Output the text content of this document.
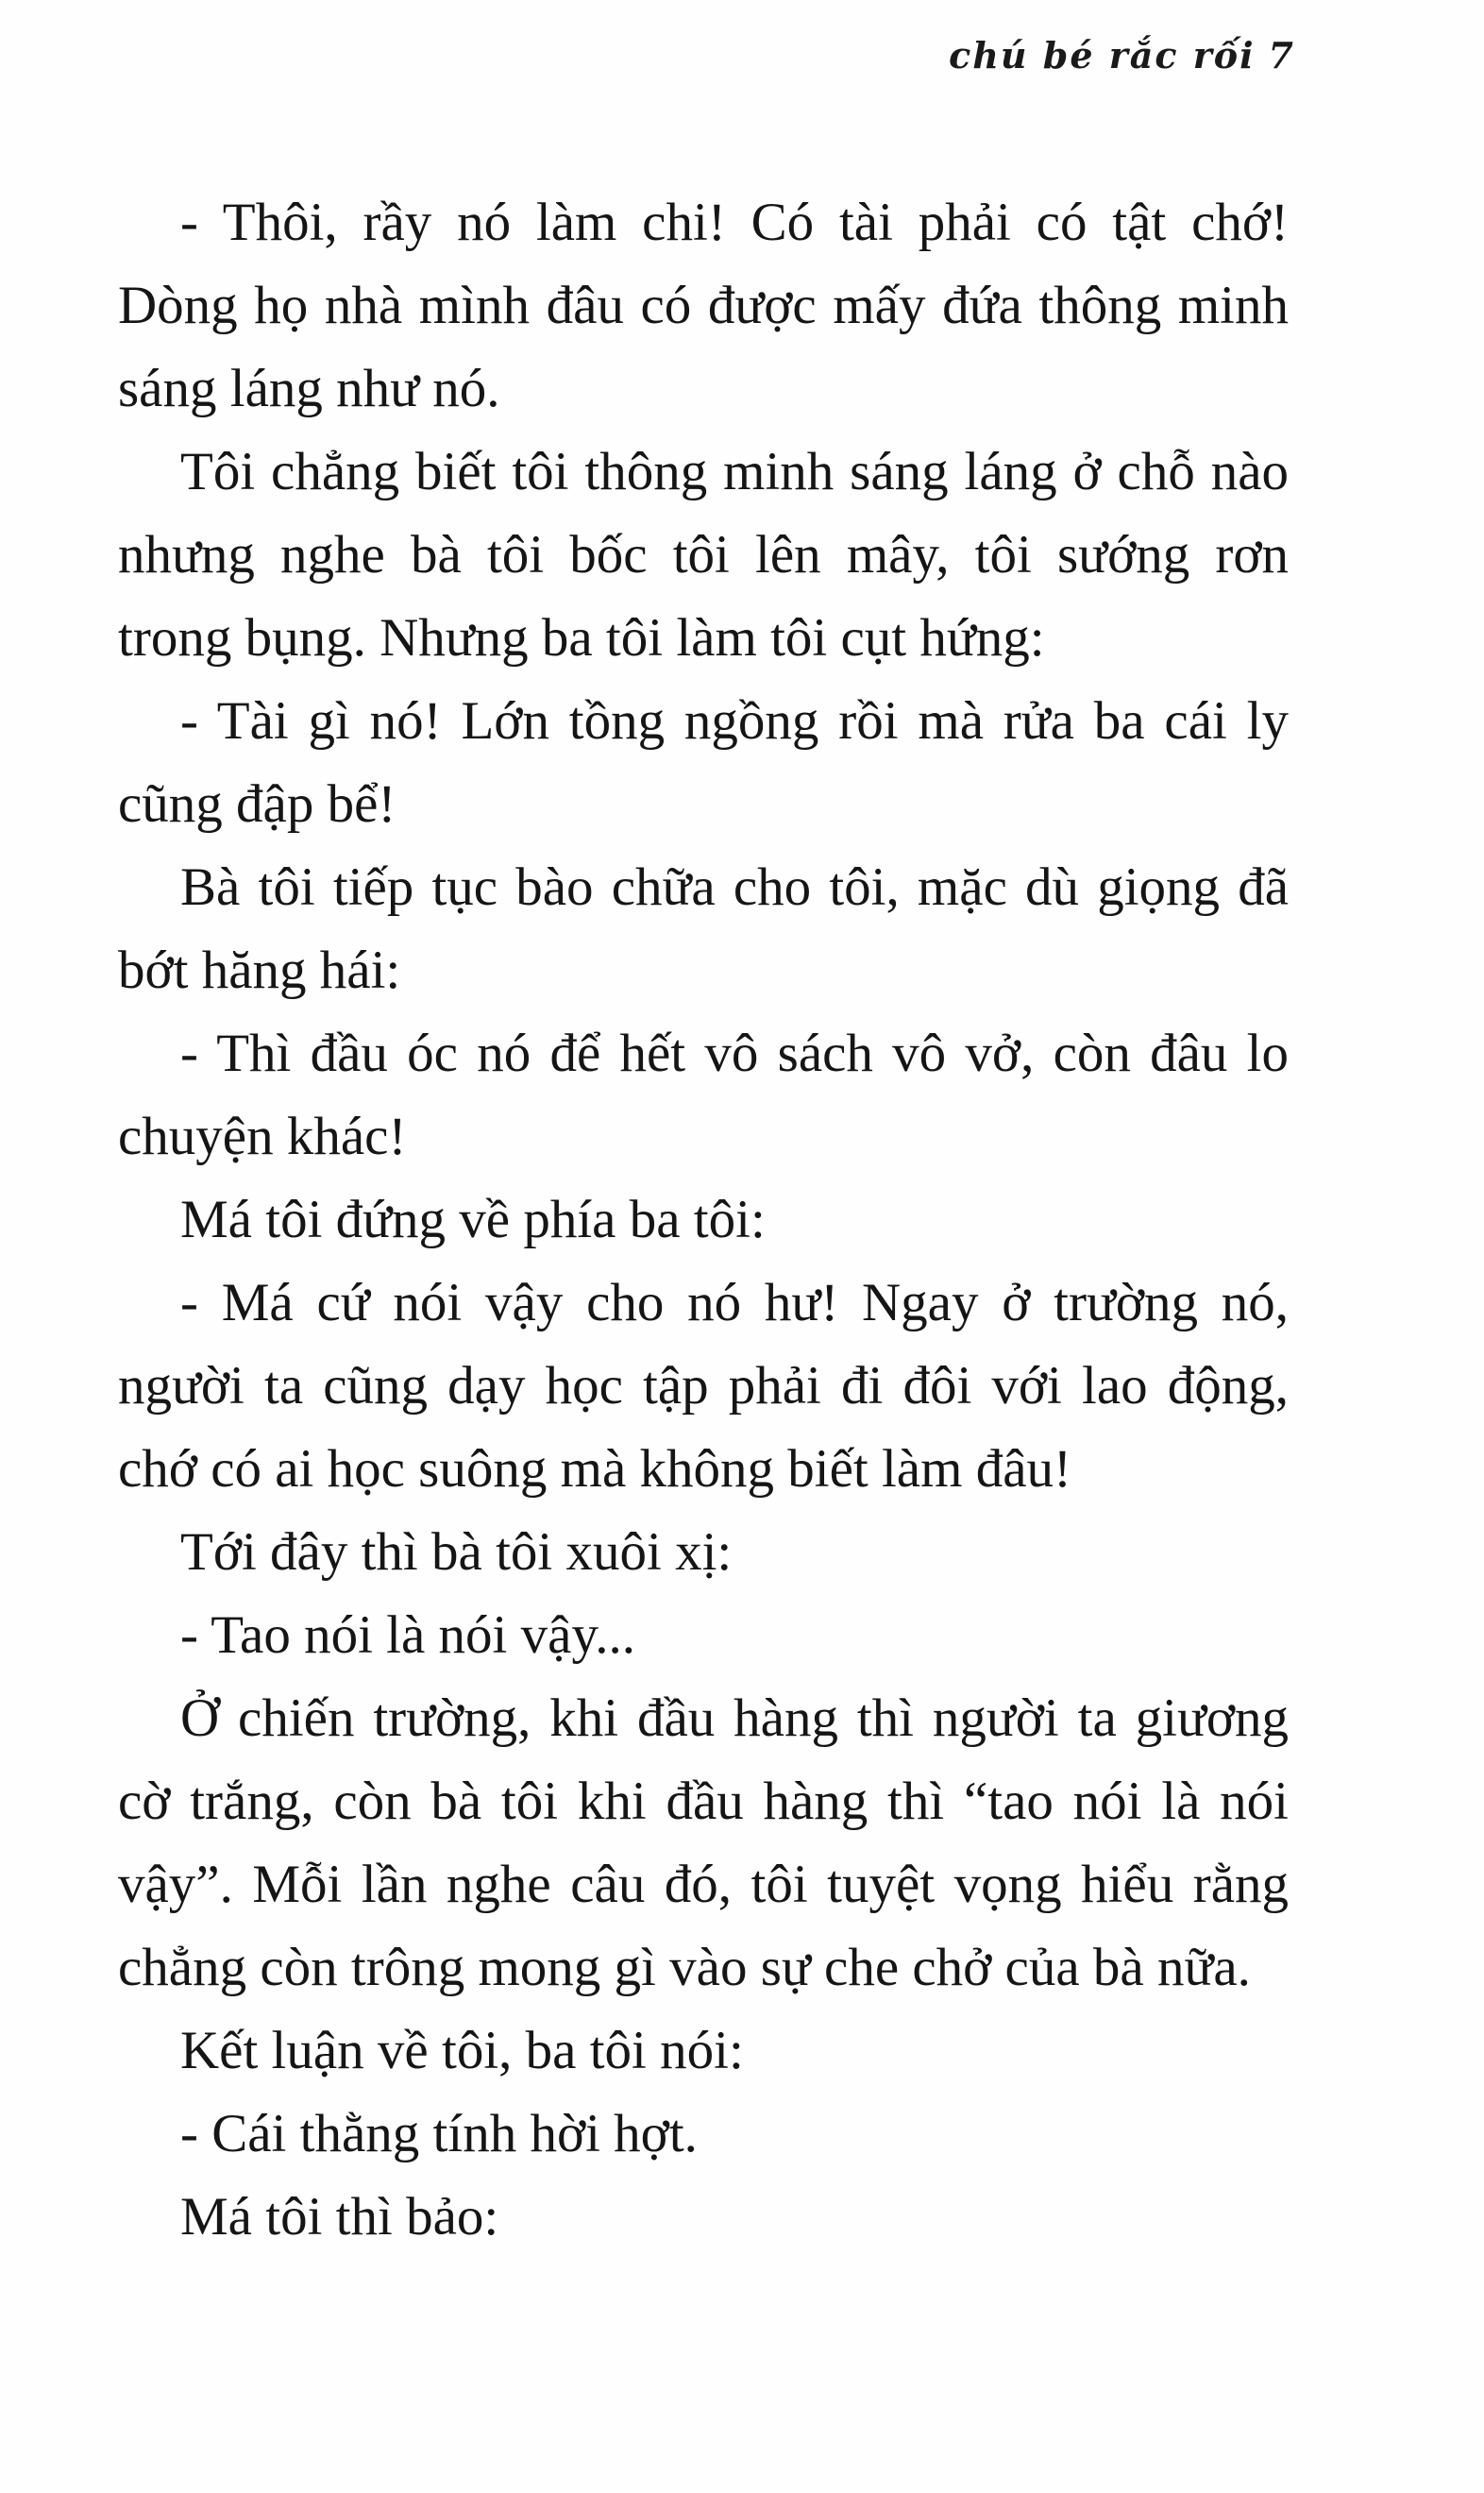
chú bé rắc rối 7

- Thôi, rầy nó làm chi! Có tài phải có tật chớ! Dòng họ nhà mình đâu có được mấy đứa thông minh sáng láng như nó.

Tôi chẳng biết tôi thông minh sáng láng ở chỗ nào nhưng nghe bà tôi bốc tôi lên mây, tôi sướng rơn trong bụng. Nhưng ba tôi làm tôi cụt hứng:

- Tài gì nó! Lớn tồng ngồng rồi mà rửa ba cái ly cũng đập bể!

Bà tôi tiếp tục bào chữa cho tôi, mặc dù giọng đã bớt hăng hái:

- Thì đầu óc nó để hết vô sách vô vở, còn đâu lo chuyện khác!

Má tôi đứng về phía ba tôi:

- Má cứ nói vậy cho nó hư! Ngay ở trường nó, người ta cũng dạy học tập phải đi đôi với lao động, chớ có ai học suông mà không biết làm đâu!

Tới đây thì bà tôi xuôi xị:

- Tao nói là nói vậy...

Ở chiến trường, khi đầu hàng thì người ta giương cờ trắng, còn bà tôi khi đầu hàng thì “tao nói là nói vậy”. Mỗi lần nghe câu đó, tôi tuyệt vọng hiểu rằng chẳng còn trông mong gì vào sự che chở của bà nữa.

Kết luận về tôi, ba tôi nói:

- Cái thằng tính hời hợt.

Má tôi thì bảo:
